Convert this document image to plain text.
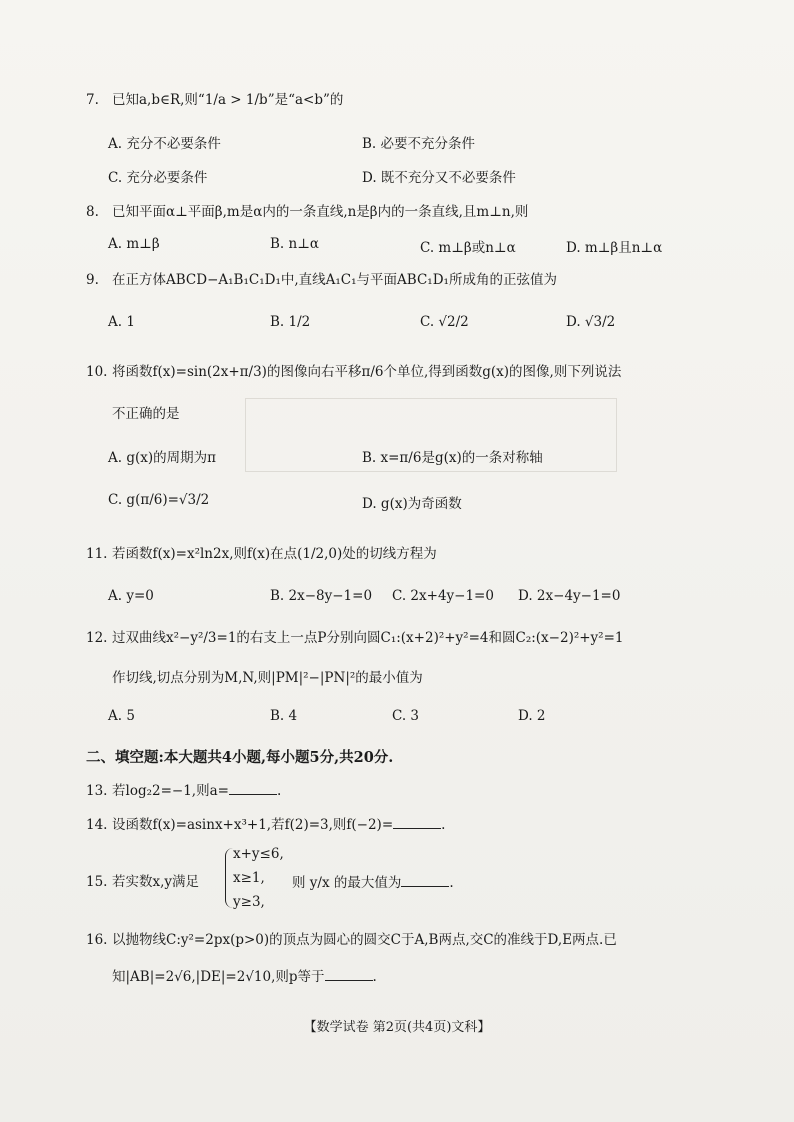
7. 已知a,b∈R,则“1/a > 1/b”是“a<b”的
A. 充分不必要条件	B. 必要不充分条件
C. 充分必要条件	D. 既不充分又不必要条件
8. 已知平面α⊥平面β,m是α内的一条直线,n是β内的一条直线,且m⊥n,则
A. m⊥β	B. n⊥α	C. m⊥β或n⊥α	D. m⊥β且n⊥α
9. 在正方体ABCD−A₁B₁C₁D₁中,直线A₁C₁与平面ABC₁D₁所成角的正弦值为
A. 1	B. 1/2	C. √2/2	D. √3/2
10. 将函数f(x)=sin(2x+π/3)的图像向右平移π/6个单位,得到函数g(x)的图像,则下列说法
不正确的是
A. g(x)的周期为π	B. x=π/6是g(x)的一条对称轴
C. g(π/6)=√3/2	D. g(x)为奇函数
11. 若函数f(x)=x²ln2x,则f(x)在点(1/2,0)处的切线方程为
A. y=0	B. 2x−8y−1=0 C. 2x+4y−1=0 D. 2x−4y−1=0
12. 过双曲线x²−y²/3=1的右支上一点P分别向圆C₁:(x+2)²+y²=4和圆C₂:(x−2)²+y²=1
作切线,切点分别为M,N,则|PM|²−|PN|²的最小值为
A. 5	B. 4	C. 3	D. 2
二、填空题:本大题共4小题,每小题5分,共20分.
13. 若log₂2=−1,则a=	.
14. 设函数f(x)=asinx+x³+1,若f(2)=3,则f(−2)=	.
15. 若实数x,y满足
x+y≤6,
x≥1,
y≥3,
则 y/x 的最大值为	.
16. 以抛物线C:y²=2px(p>0)的顶点为圆心的圆交C于A,B两点,交C的准线于D,E两点.已
知|AB|=2√6,|DE|=2√10,则p等于	.
【数学试卷 第2页(共4页)文科】
